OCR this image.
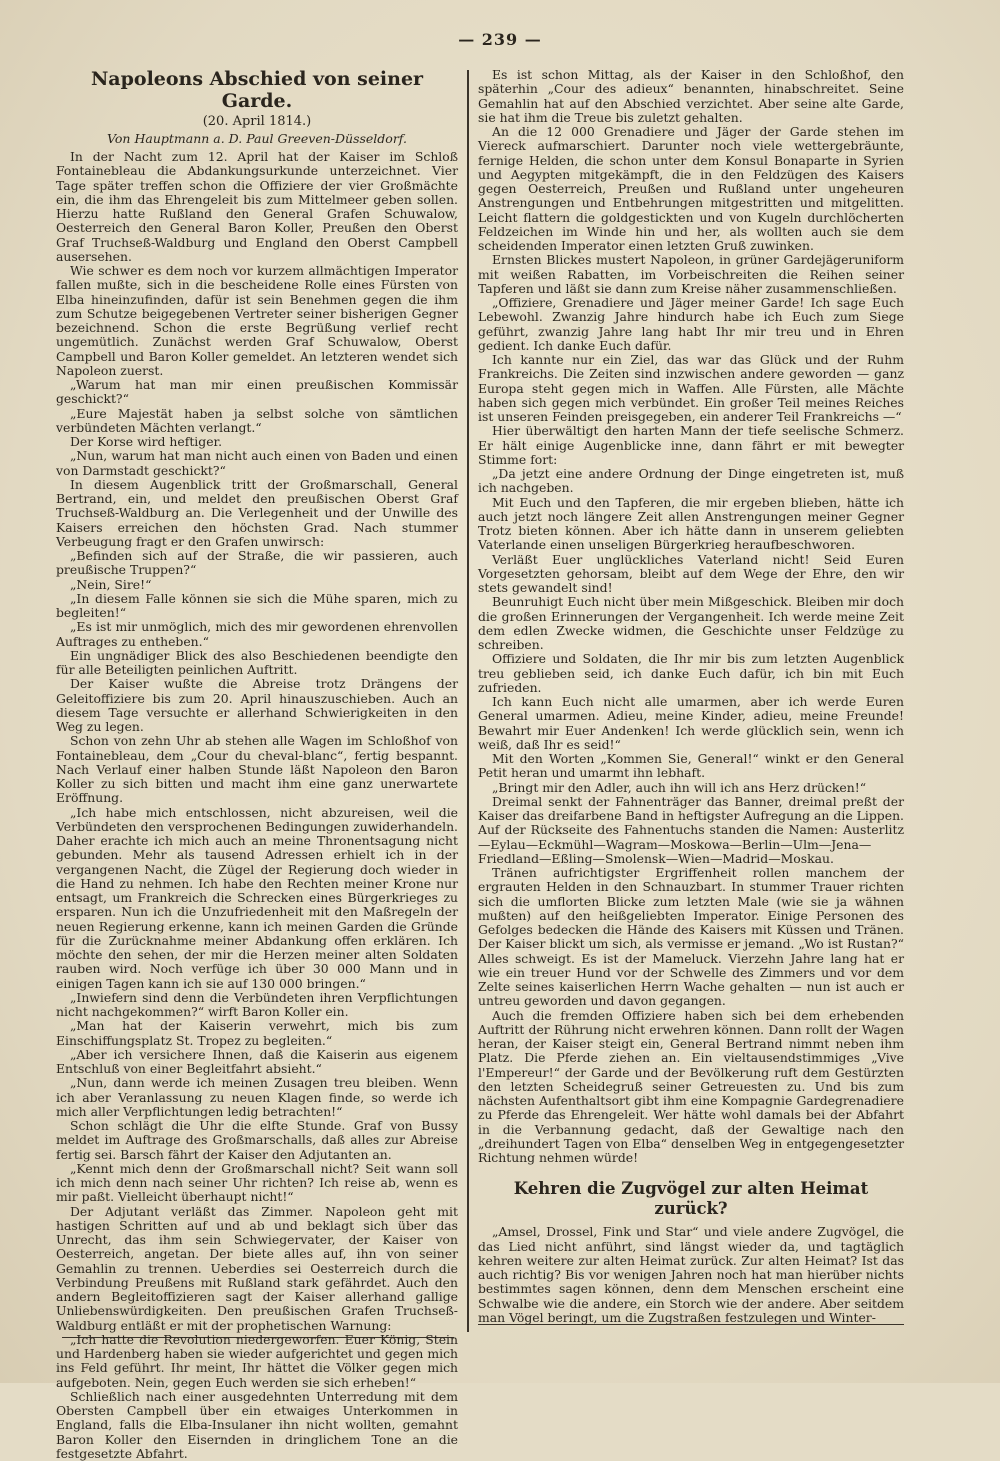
— 239 —
Napoleons Abschied von seiner Garde.
(20. April 1814.)
Von Hauptmann a. D. Paul Greeven-Düsseldorf.

In der Nacht zum 12. April hat der Kaiser im Schloß Fontainebleau die Abdankungsurkunde unterzeichnet. Vier Tage später treffen schon die Offiziere der vier Großmächte ein, die ihm das Ehrengeleit bis zum Mittelmeer geben sollen. Hierzu hatte Rußland den General Grafen Schuwalow, Oesterreich den General Baron Koller, Preußen den Oberst Graf Truchseß-Waldburg und England den Oberst Campbell ausersehen.

Wie schwer es dem noch vor kurzem allmächtigen Imperator fallen mußte, sich in die bescheidene Rolle eines Fürsten von Elba hineinzufinden, dafür ist sein Benehmen gegen die ihm zum Schutze beigegebenen Vertreter seiner bisherigen Gegner bezeichnend. Schon die erste Begrüßung verlief recht ungemütlich. Zunächst werden Graf Schuwalow, Oberst Campbell und Baron Koller gemeldet. An letzteren wendet sich Napoleon zuerst.

„Warum hat man mir einen preußischen Kommissär geschickt?“

„Eure Majestät haben ja selbst solche von sämtlichen verbündeten Mächten verlangt.“

Der Korse wird heftiger.

„Nun, warum hat man nicht auch einen von Baden und einen von Darmstadt geschickt?“

In diesem Augenblick tritt der Großmarschall, General Bertrand, ein, und meldet den preußischen Oberst Graf Truchseß-Waldburg an. Die Verlegenheit und der Unwille des Kaisers erreichen den höchsten Grad. Nach stummer Verbeugung fragt er den Grafen unwirsch:

„Befinden sich auf der Straße, die wir passieren, auch preußische Truppen?“

„Nein, Sire!“

„In diesem Falle können sie sich die Mühe sparen, mich zu begleiten!“

„Es ist mir unmöglich, mich des mir gewordenen ehrenvollen Auftrages zu entheben.“

Ein ungnädiger Blick des also Beschiedenen beendigte den für alle Beteiligten peinlichen Auftritt.

Der Kaiser wußte die Abreise trotz Drängens der Geleitoffiziere bis zum 20. April hinauszuschieben. Auch an diesem Tage versuchte er allerhand Schwierigkeiten in den Weg zu legen.

Schon von zehn Uhr ab stehen alle Wagen im Schloßhof von Fontainebleau, dem „Cour du cheval-blanc“, fertig bespannt. Nach Verlauf einer halben Stunde läßt Napoleon den Baron Koller zu sich bitten und macht ihm eine ganz unerwartete Eröffnung.

„Ich habe mich entschlossen, nicht abzureisen, weil die Verbündeten den versprochenen Bedingungen zuwiderhandeln. Daher erachte ich mich auch an meine Thronentsagung nicht gebunden. Mehr als tausend Adressen erhielt ich in der vergangenen Nacht, die Zügel der Regierung doch wieder in die Hand zu nehmen. Ich habe den Rechten meiner Krone nur entsagt, um Frankreich die Schrecken eines Bürgerkrieges zu ersparen. Nun ich die Unzufriedenheit mit den Maßregeln der neuen Regierung erkenne, kann ich meinen Garden die Gründe für die Zurücknahme meiner Abdankung offen erklären. Ich möchte den sehen, der mir die Herzen meiner alten Soldaten rauben wird. Noch verfüge ich über 30 000 Mann und in einigen Tagen kann ich sie auf 130 000 bringen.“

„Inwiefern sind denn die Verbündeten ihren Verpflichtungen nicht nachgekommen?“ wirft Baron Koller ein.

„Man hat der Kaiserin verwehrt, mich bis zum Einschiffungsplatz St. Tropez zu begleiten.“

„Aber ich versichere Ihnen, daß die Kaiserin aus eigenem Entschluß von einer Begleitfahrt absieht.“

„Nun, dann werde ich meinen Zusagen treu bleiben. Wenn ich aber Veranlassung zu neuen Klagen finde, so werde ich mich aller Verpflichtungen ledig betrachten!“

Schon schlägt die Uhr die elfte Stunde. Graf von Bussy meldet im Auftrage des Großmarschalls, daß alles zur Abreise fertig sei. Barsch fährt der Kaiser den Adjutanten an.

„Kennt mich denn der Großmarschall nicht? Seit wann soll ich mich denn nach seiner Uhr richten? Ich reise ab, wenn es mir paßt. Vielleicht überhaupt nicht!“

Der Adjutant verläßt das Zimmer. Napoleon geht mit hastigen Schritten auf und ab und beklagt sich über das Unrecht, das ihm sein Schwiegervater, der Kaiser von Oesterreich, angetan. Der biete alles auf, ihn von seiner Gemahlin zu trennen. Ueberdies sei Oesterreich durch die Verbindung Preußens mit Rußland stark gefährdet. Auch den andern Begleitoffizieren sagt der Kaiser allerhand gallige Unliebenswürdigkeiten. Den preußischen Grafen Truchseß-Waldburg entläßt er mit der prophetischen Warnung:

„Ich hatte die Revolution niedergeworfen. Euer König, Stein und Hardenberg haben sie wieder aufgerichtet und gegen mich ins Feld geführt. Ihr meint, Ihr hättet die Völker gegen mich aufgeboten. Nein, gegen Euch werden sie sich erheben!“

Schließlich nach einer ausgedehnten Unterredung mit dem Obersten Campbell über ein etwaiges Unterkommen in England, falls die Elba-Insulaner ihn nicht wollten, gemahnt Baron Koller den Eisernden in dringlichem Tone an die festgesetzte Abfahrt.

Es ist schon Mittag, als der Kaiser in den Schloßhof, den späterhin „Cour des adieux“ benannten, hinabschreitet. Seine Gemahlin hat auf den Abschied verzichtet. Aber seine alte Garde, sie hat ihm die Treue bis zuletzt gehalten.

An die 12 000 Grenadiere und Jäger der Garde stehen im Viereck aufmarschiert. Darunter noch viele wettergebräunte, fernige Helden, die schon unter dem Konsul Bonaparte in Syrien und Aegypten mitgekämpft, die in den Feldzügen des Kaisers gegen Oesterreich, Preußen und Rußland unter ungeheuren Anstrengungen und Entbehrungen mitgestritten und mitgelitten. Leicht flattern die goldgestickten und von Kugeln durchlöcherten Feldzeichen im Winde hin und her, als wollten auch sie dem scheidenden Imperator einen letzten Gruß zuwinken.

Ernsten Blickes mustert Napoleon, in grüner Gardejägeruniform mit weißen Rabatten, im Vorbeischreiten die Reihen seiner Tapferen und läßt sie dann zum Kreise näher zusammenschließen.

„Offiziere, Grenadiere und Jäger meiner Garde! Ich sage Euch Lebewohl. Zwanzig Jahre hindurch habe ich Euch zum Siege geführt, zwanzig Jahre lang habt Ihr mir treu und in Ehren gedient. Ich danke Euch dafür.

Ich kannte nur ein Ziel, das war das Glück und der Ruhm Frankreichs. Die Zeiten sind inzwischen andere geworden — ganz Europa steht gegen mich in Waffen. Alle Fürsten, alle Mächte haben sich gegen mich verbündet. Ein großer Teil meines Reiches ist unseren Feinden preisgegeben, ein anderer Teil Frankreichs —“

Hier überwältigt den harten Mann der tiefe seelische Schmerz. Er hält einige Augenblicke inne, dann fährt er mit bewegter Stimme fort:

„Da jetzt eine andere Ordnung der Dinge eingetreten ist, muß ich nachgeben.

Mit Euch und den Tapferen, die mir ergeben blieben, hätte ich auch jetzt noch längere Zeit allen Anstrengungen meiner Gegner Trotz bieten können. Aber ich hätte dann in unserem geliebten Vaterlande einen unseligen Bürgerkrieg heraufbeschworen.

Verläßt Euer unglückliches Vaterland nicht! Seid Euren Vorgesetzten gehorsam, bleibt auf dem Wege der Ehre, den wir stets gewandelt sind!

Beunruhigt Euch nicht über mein Mißgeschick. Bleiben mir doch die großen Erinnerungen der Vergangenheit. Ich werde meine Zeit dem edlen Zwecke widmen, die Geschichte unser Feldzüge zu schreiben.

Offiziere und Soldaten, die Ihr mir bis zum letzten Augenblick treu geblieben seid, ich danke Euch dafür, ich bin mit Euch zufrieden.

Ich kann Euch nicht alle umarmen, aber ich werde Euren General umarmen. Adieu, meine Kinder, adieu, meine Freunde! Bewahrt mir Euer Andenken! Ich werde glücklich sein, wenn ich weiß, daß Ihr es seid!“

Mit den Worten „Kommen Sie, General!“ winkt er den General Petit heran und umarmt ihn lebhaft.

„Bringt mir den Adler, auch ihn will ich ans Herz drücken!“

Dreimal senkt der Fahnenträger das Banner, dreimal preßt der Kaiser das dreifarbene Band in heftigster Aufregung an die Lippen. Auf der Rückseite des Fahnentuchs standen die Namen: Austerlitz—Eylau—Eckmühl—Wagram—Moskowa—Berlin—Ulm—Jena—Friedland—Eßling—Smolensk—Wien—Madrid—Moskau.

Tränen aufrichtigster Ergriffenheit rollen manchem der ergrauten Helden in den Schnauzbart. In stummer Trauer richten sich die umflorten Blicke zum letzten Male (wie sie ja wähnen mußten) auf den heißgeliebten Imperator. Einige Personen des Gefolges bedecken die Hände des Kaisers mit Küssen und Tränen. Der Kaiser blickt um sich, als vermisse er jemand. „Wo ist Rustan?“ Alles schweigt. Es ist der Mameluck. Vierzehn Jahre lang hat er wie ein treuer Hund vor der Schwelle des Zimmers und vor dem Zelte seines kaiserlichen Herrn Wache gehalten — nun ist auch er untreu geworden und davon gegangen.

Auch die fremden Offiziere haben sich bei dem erhebenden Auftritt der Rührung nicht erwehren können. Dann rollt der Wagen heran, der Kaiser steigt ein, General Bertrand nimmt neben ihm Platz. Die Pferde ziehen an. Ein vieltausendstimmiges „Vive l'Empereur!“ der Garde und der Bevölkerung ruft dem Gestürzten den letzten Scheidegruß seiner Getreuesten zu. Und bis zum nächsten Aufenthaltsort gibt ihm eine Kompagnie Gardegrenadiere zu Pferde das Ehrengeleit. Wer hätte wohl damals bei der Abfahrt in die Verbannung gedacht, daß der Gewaltige nach den „dreihundert Tagen von Elba“ denselben Weg in entgegengesetzter Richtung nehmen würde!

Kehren die Zugvögel zur alten Heimat zurück?

„Amsel, Drossel, Fink und Star“ und viele andere Zugvögel, die das Lied nicht anführt, sind längst wieder da, und tagtäglich kehren weitere zur alten Heimat zurück. Zur alten Heimat? Ist das auch richtig? Bis vor wenigen Jahren noch hat man hierüber nichts bestimmtes sagen können, denn dem Menschen erscheint eine Schwalbe wie die andere, ein Storch wie der andere. Aber seitdem man Vögel beringt, um die Zugstraßen festzulegen und Winter-
